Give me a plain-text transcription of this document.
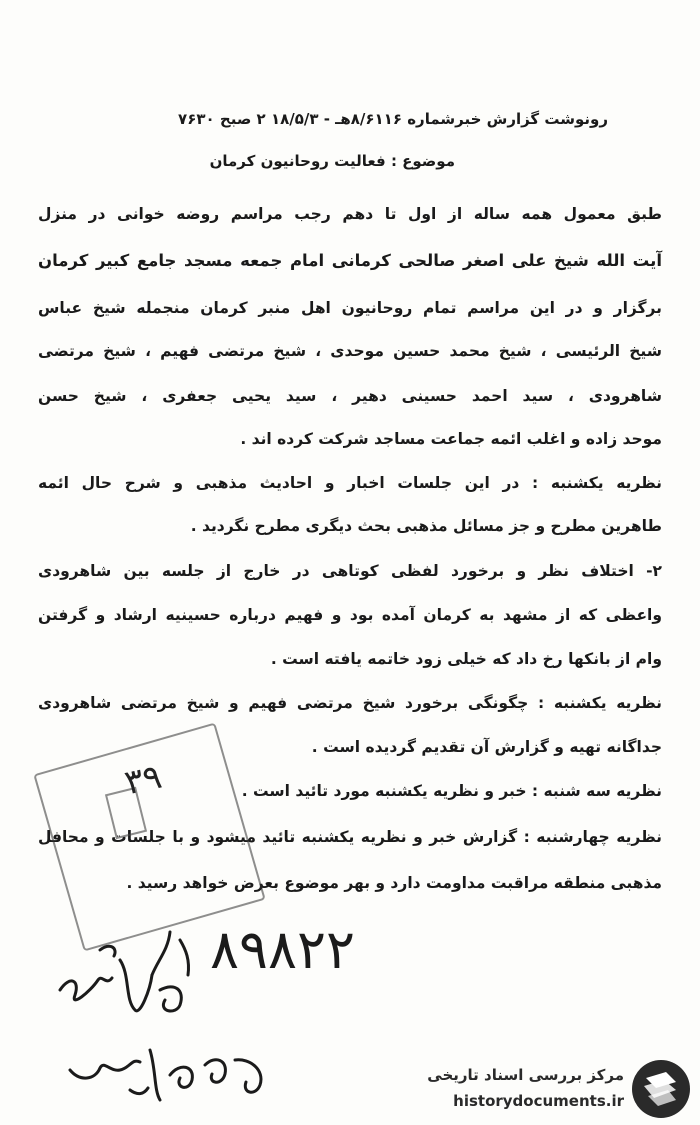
رونوشت گزارش خبرشماره ۸/۶۱۱۶هـ - ۱۸/۵/۳ ۲ صبح ۷۶۳۰
موضوع : فعالیت روحانیون کرمان
طبق معمول همه ساله از اول تا دهم رجب مراسم روضه خوانی در منزل
آیت الله شیخ علی اصغر صالحی کرمانی امام جمعه مسجد جامع کبیر کرمان
برگزار و در این مراسم تمام روحانیون اهل منبر کرمان منجمله شیخ عباس
شیخ الرئیسی ، شیخ محمد حسین موحدی ، شیخ مرتضی فهیم ، شیخ مرتضی
شاهرودی ، سید احمد حسینی دهیر ، سید یحیی جعفری ، شیخ حسن
موحد زاده و اغلب ائمه جماعت مساجد شرکت کرده اند .
نظریه یکشنبه : در این جلسات اخبار و احادیث مذهبی و شرح حال ائمه
طاهرین مطرح و جز مسائل مذهبی بحث دیگری مطرح نگردید .
۲- اختلاف نظر و برخورد لفظی کوتاهی در خارج از جلسه بین شاهرودی
واعظی که از مشهد به کرمان آمده بود و فهیم درباره حسینیه ارشاد و گرفتن
وام از بانکها رخ داد که خیلی زود خاتمه یافته است .
نظریه یکشنبه : چگونگی برخورد شیخ مرتضی فهیم و شیخ مرتضی شاهرودی
جداگانه تهیه و گزارش آن تقدیم گردیده است .
نظریه سه شنبه : خبر و نظریه یکشنبه مورد تائید است .
نظریه چهارشنبه : گزارش خبر و نظریه یکشنبه تائید میشود و با جلسات و محافل
مذهبی منطقه مراقبت مداومت دارد و بهر موضوع بعرض خواهد رسید .
۳۹
۸۹۸۲۲
مرکز بررسی اسناد تاریخی
historydocuments.ir
